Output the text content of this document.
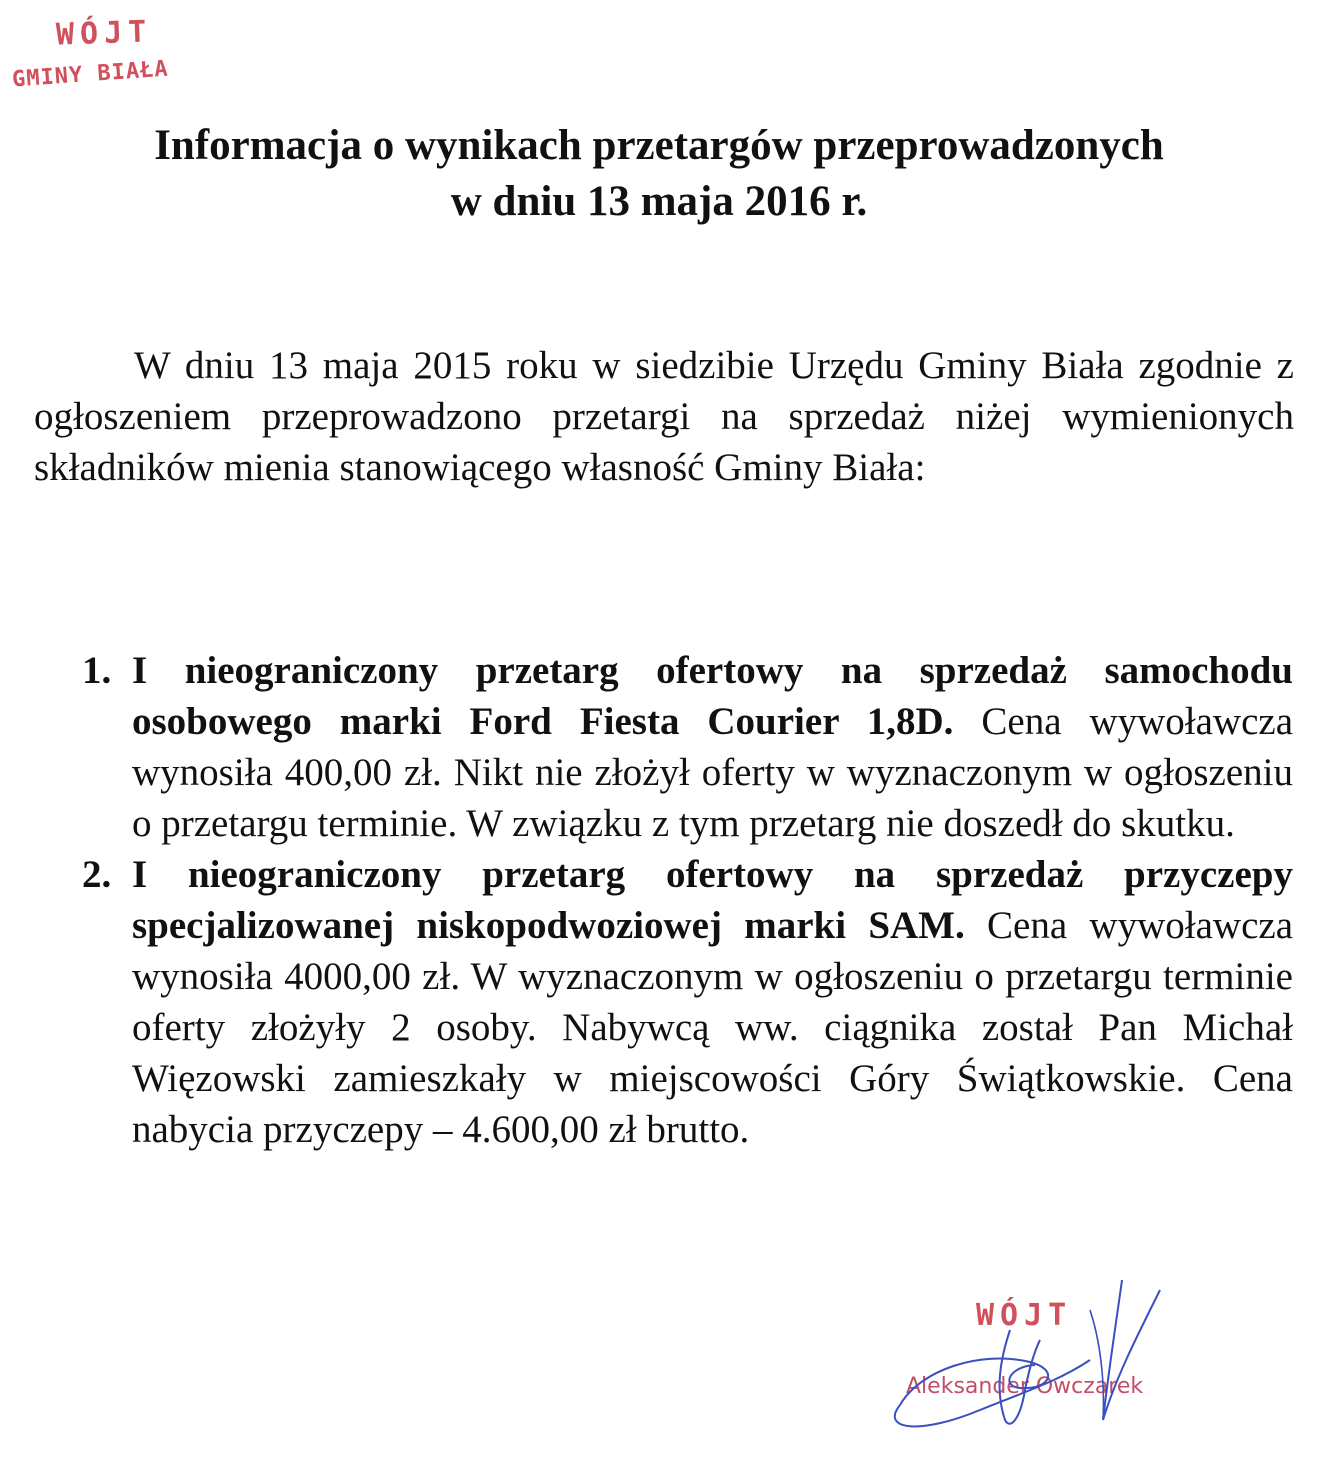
WÓJT
GMINY BIAŁA
Informacja o wynikach przetargów przeprowadzonych
w dniu 13 maja 2016 r.

W dniu 13 maja 2015 roku w siedzibie Urzędu Gminy Biała zgodnie z ogłoszeniem przeprowadzono przetargi na sprzedaż niżej wymienionych składników mienia stanowiącego własność Gminy Biała:

1. I nieograniczony przetarg ofertowy na sprzedaż samochodu osobowego marki Ford Fiesta Courier 1,8D. Cena wywoławcza wynosiła 400,00 zł. Nikt nie złożył oferty w wyznaczonym w ogłoszeniu o przetargu terminie. W związku z tym przetarg nie doszedł do skutku.
2. I nieograniczony przetarg ofertowy na sprzedaż przyczepy specjalizowanej niskopodwoziowej marki SAM. Cena wywoławcza wynosiła 4000,00 zł. W wyznaczonym w ogłoszeniu o przetargu terminie oferty złożyły 2 osoby. Nabywcą ww. ciągnika został Pan Michał Więzowski zamieszkały w miejscowości Góry Świątkowskie. Cena nabycia przyczepy – 4.600,00 zł brutto.
WÓJT
Aleksander Owczarek
